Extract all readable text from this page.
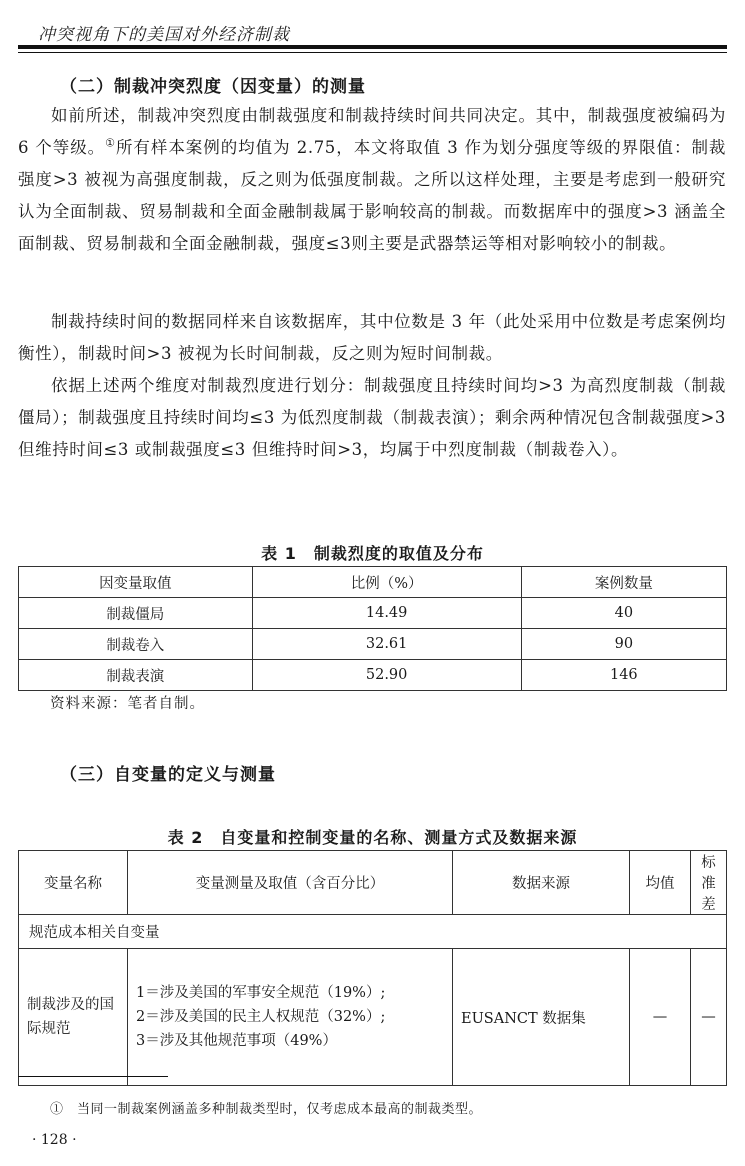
冲突视角下的美国对外经济制裁
（二）制裁冲突烈度（因变量）的测量
如前所述，制裁冲突烈度由制裁强度和制裁持续时间共同决定。其中，制裁强度被编码为 6 个等级。①所有样本案例的均值为 2.75，本文将取值 3 作为划分强度等级的界限值：制裁强度>3 被视为高强度制裁，反之则为低强度制裁。之所以这样处理，主要是考虑到一般研究认为全面制裁、贸易制裁和全面金融制裁属于影响较高的制裁。而数据库中的强度>3 涵盖全面制裁、贸易制裁和全面金融制裁，强度≤3则主要是武器禁运等相对影响较小的制裁。
制裁持续时间的数据同样来自该数据库，其中位数是 3 年（此处采用中位数是考虑案例均衡性），制裁时间>3 被视为长时间制裁，反之则为短时间制裁。
依据上述两个维度对制裁烈度进行划分：制裁强度且持续时间均>3 为高烈度制裁（制裁僵局）；制裁强度且持续时间均≤3 为低烈度制裁（制裁表演）；剩余两种情况包含制裁强度>3 但维持时间≤3 或制裁强度≤3 但维持时间>3，均属于中烈度制裁（制裁卷入）。
表 1　制裁烈度的取值及分布
因变量取值	比例（%）	案例数量
制裁僵局	14.49	40
制裁卷入	32.61	90
制裁表演	52.90	146
资料来源：笔者自制。
（三）自变量的定义与测量
表 2　自变量和控制变量的名称、测量方式及数据来源
变量名称	变量测量及取值（含百分比）	数据来源	均值	标准差
规范成本相关自变量				
制裁涉及的国际规范	1＝涉及美国的军事安全规范（19%）;
2＝涉及美国的民主人权规范（32%）;
3＝涉及其他规范事项（49%）	EUSANCT 数据集	—	—
①　 当同一制裁案例涵盖多种制裁类型时，仅考虑成本最高的制裁类型。
· 128 ·
